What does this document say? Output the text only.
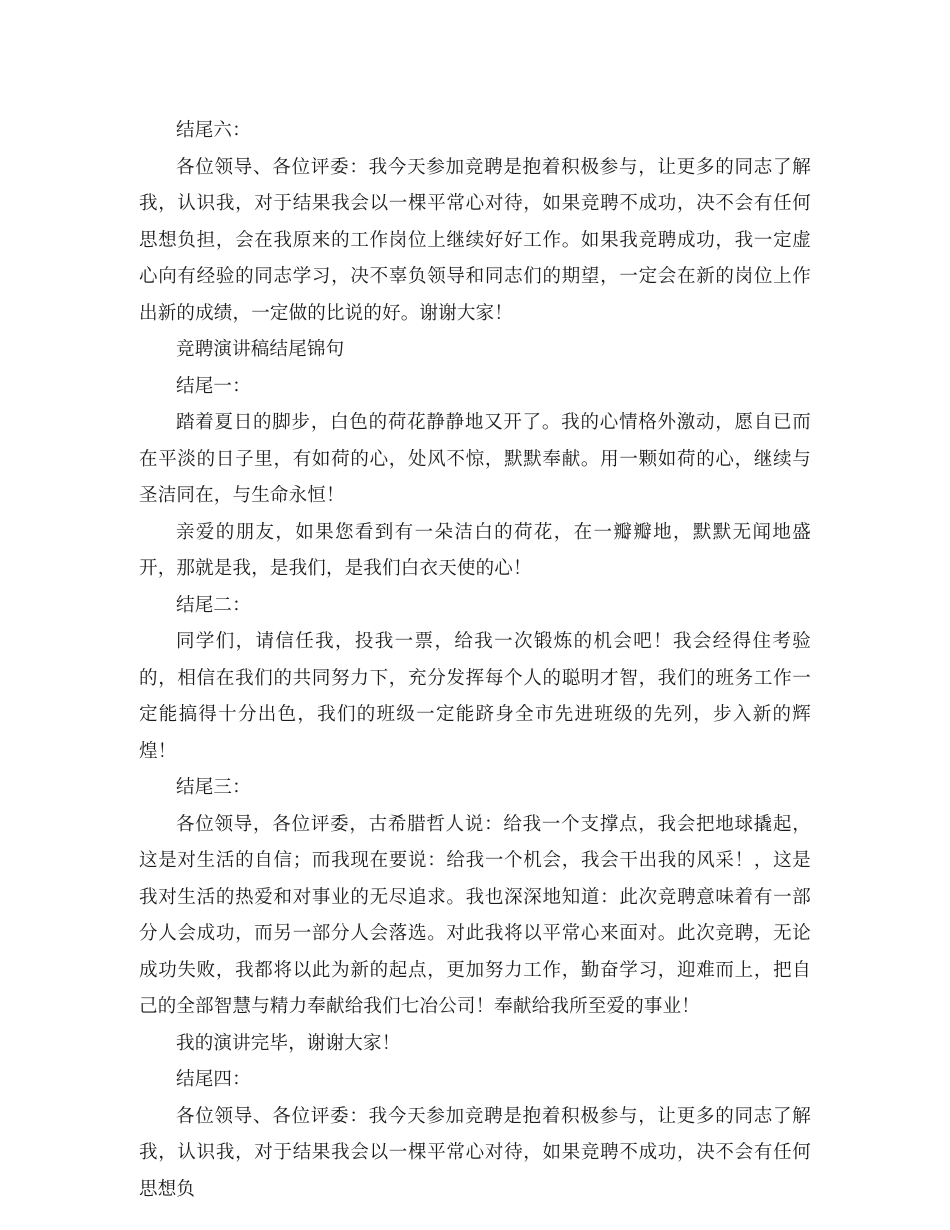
结尾六：

各位领导、各位评委：我今天参加竞聘是抱着积极参与，让更多的同志了解我，认识我，对于结果我会以一棵平常心对待，如果竞聘不成功，决不会有任何思想负担，会在我原来的工作岗位上继续好好工作。如果我竞聘成功，我一定虚心向有经验的同志学习，决不辜负领导和同志们的期望，一定会在新的岗位上作出新的成绩，一定做的比说的好。谢谢大家！

竞聘演讲稿结尾锦句

结尾一：

踏着夏日的脚步，白色的荷花静静地又开了。我的心情格外激动，愿自已而在平淡的日子里，有如荷的心，处风不惊，默默奉献。用一颗如荷的心，继续与圣洁同在，与生命永恒！

亲爱的朋友，如果您看到有一朵洁白的荷花，在一瓣瓣地，默默无闻地盛开，那就是我，是我们，是我们白衣天使的心！

结尾二：

同学们，请信任我，投我一票，给我一次锻炼的机会吧！我会经得住考验的，相信在我们的共同努力下，充分发挥每个人的聪明才智，我们的班务工作一定能搞得十分出色，我们的班级一定能跻身全市先进班级的先列，步入新的辉煌！

结尾三：

各位领导，各位评委，古希腊哲人说：给我一个支撑点，我会把地球撬起，这是对生活的自信；而我现在要说：给我一个机会，我会干出我的风采！，这是我对生活的热爱和对事业的无尽追求。我也深深地知道：此次竞聘意味着有一部分人会成功，而另一部分人会落选。对此我将以平常心来面对。此次竞聘，无论成功失败，我都将以此为新的起点，更加努力工作，勤奋学习，迎难而上，把自己的全部智慧与精力奉献给我们七冶公司！奉献给我所至爱的事业！

我的演讲完毕，谢谢大家！

结尾四：

各位领导、各位评委：我今天参加竞聘是抱着积极参与，让更多的同志了解我，认识我，对于结果我会以一棵平常心对待，如果竞聘不成功，决不会有任何思想负
